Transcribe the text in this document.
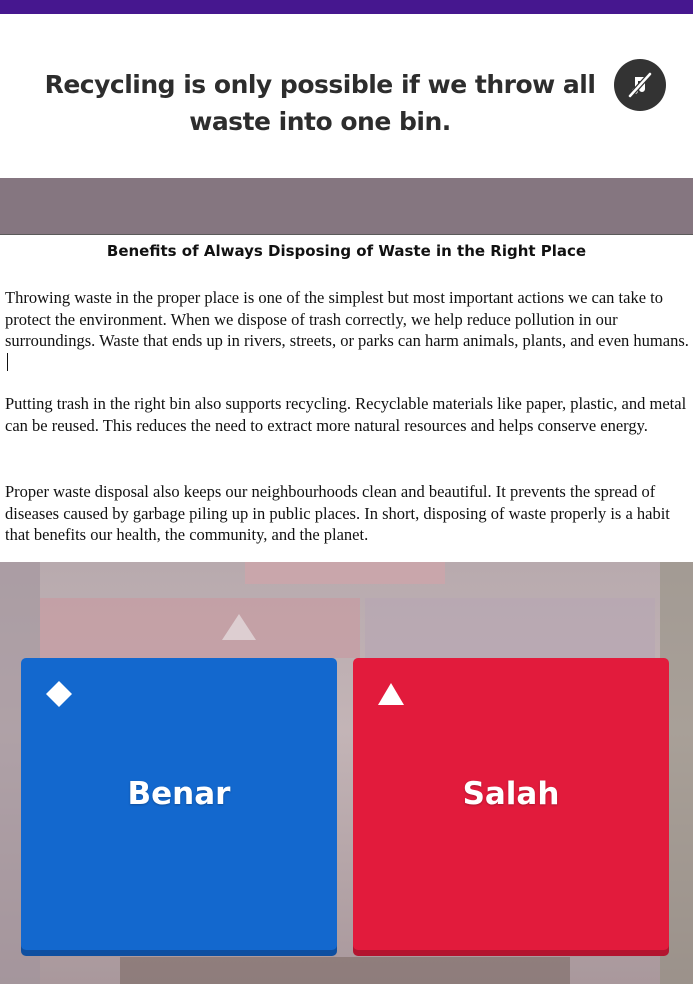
Recycling is only possible if we throw all waste into one bin.
Benefits of Always Disposing of Waste in the Right Place

Throwing waste in the proper place is one of the simplest but most important actions we can take to protect the environment. When we dispose of trash correctly, we help reduce pollution in our surroundings. Waste that ends up in rivers, streets, or parks can harm animals, plants, and even humans.

Putting trash in the right bin also supports recycling. Recyclable materials like paper, plastic, and metal can be reused. This reduces the need to extract more natural resources and helps conserve energy.

Proper waste disposal also keeps our neighbourhoods clean and beautiful. It prevents the spread of diseases caused by garbage piling up in public places. In short, disposing of waste properly is a habit that benefits our health, the community, and the planet.

Benar	Salah
